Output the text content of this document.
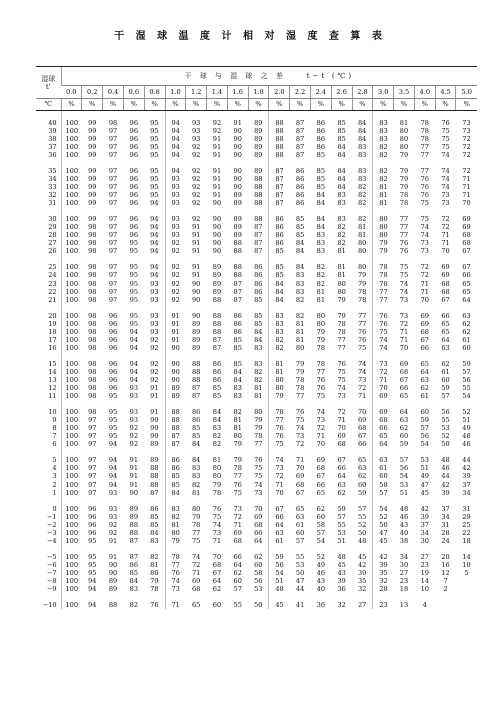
干 湿 球 温 度 计 相 对 湿 度 查 算 表
湿球
t'	干 球 与 湿 球 之 差 t−t′(℃)																			
	0.0	0.2	0.4	0.6	0.8	1.0	1.2	1.4	1.6	1.8	2.0	2.2	2.4	2.6	2.8	3.0	3.5	4.0	4.5	5.0
℃	%	%	%	%	%	%	%	%	%	%	%	%	%	%	%	%	%	%	%	%

40	100	99	98	96	95	94	93	92	91	89	88	87	86	85	84	83	81	78	76	73
39	100	99	97	96	95	94	93	92	90	89	88	87	86	85	84	83	80	78	75	73
38	100	99	97	96	95	94	93	91	90	89	88	87	86	85	84	83	80	78	75	72
37	100	99	97	96	95	94	92	91	90	89	88	87	86	84	83	82	80	77	75	72
36	100	99	97	96	95	94	92	91	90	89	88	87	85	84	83	82	79	77	74	72

35	100	99	97	96	95	94	92	91	90	89	87	86	85	84	83	82	79	77	74	72
34	100	99	97	96	95	93	92	91	90	88	87	86	85	84	83	82	79	76	74	71
33	100	99	97	96	95	93	92	91	90	88	87	86	85	84	82	81	79	76	74	71
32	100	99	97	96	95	93	92	91	89	88	87	86	84	83	82	81	78	76	73	71
31	100	99	97	96	94	93	92	90	89	88	87	86	84	83	82	81	78	75	73	70

30	100	99	97	96	94	93	92	90	89	88	86	85	84	83	82	80	77	75	72	69
29	100	98	97	96	94	93	91	90	89	87	86	85	84	82	81	80	77	74	72	69
28	100	98	97	96	94	93	91	90	89	87	86	85	83	82	81	80	77	74	71	68
27	100	98	97	95	94	92	91	90	88	87	86	84	83	82	80	79	76	73	71	68
26	100	98	97	95	94	92	91	90	88	87	85	84	83	81	80	79	76	73	70	67

25	100	98	97	95	94	92	91	89	88	86	85	84	82	81	80	78	75	72	69	67
24	100	98	97	95	94	92	91	89	88	86	85	83	82	81	79	78	75	72	69	66
23	100	98	97	95	93	92	90	89	87	86	84	83	82	80	79	78	74	71	68	65
22	100	98	97	95	93	92	90	89	87	86	84	83	81	80	78	77	74	71	68	65
21	100	98	97	95	93	92	90	88	87	85	84	82	81	79	78	77	73	70	67	64

20	100	98	96	95	93	91	90	88	86	85	83	82	80	79	77	76	73	69	66	63
19	100	98	96	95	93	91	89	88	86	85	83	81	80	78	77	76	72	69	65	62
18	100	98	96	94	93	91	89	88	86	84	83	81	79	78	76	75	71	68	65	62
17	100	98	96	94	92	91	89	87	85	84	82	81	79	77	76	74	71	67	64	61
16	100	98	96	94	92	90	89	87	85	83	82	80	78	77	75	74	70	66	63	60

15	100	98	96	94	92	90	88	86	85	83	81	79	78	76	74	73	69	65	62	59
14	100	98	96	94	92	90	88	86	84	82	81	79	77	75	74	72	68	64	61	57
13	100	98	96	94	92	90	88	86	84	82	80	78	76	75	73	71	67	63	60	56
12	100	98	96	93	91	89	87	85	83	81	80	78	76	74	72	70	66	62	59	55
11	100	98	95	93	91	89	87	85	83	81	79	77	75	73	71	69	65	61	57	54

10	100	98	95	93	91	88	86	84	82	80	78	76	74	72	70	69	64	60	56	52
9	100	97	95	93	90	88	86	84	81	79	77	75	73	71	69	68	63	59	55	51
8	100	97	95	92	90	88	85	83	81	79	76	74	72	70	68	66	62	57	53	49
7	100	97	95	92	90	87	85	82	80	78	76	73	71	69	67	65	60	56	52	48
6	100	97	94	92	89	87	84	82	79	77	75	72	70	68	66	64	59	54	50	46

5	100	97	94	91	89	86	84	81	79	76	74	71	69	67	65	63	57	53	48	44
4	100	97	94	91	88	86	83	80	78	75	73	70	68	66	63	61	56	51	46	42
3	100	97	94	91	88	85	83	80	77	75	72	69	67	64	62	60	54	49	44	39
2	100	97	94	91	88	85	82	79	76	74	71	68	66	63	60	58	53	47	42	37
1	100	97	93	90	87	84	81	78	75	73	70	67	65	62	59	57	51	45	39	34

0	100	96	93	89	86	83	80	76	73	70	67	65	62	59	57	54	48	42	37	31
−1	100	96	93	89	85	82	79	75	72	69	66	63	60	57	55	52	46	39	34	29
−2	100	96	92	88	85	81	78	74	71	68	64	61	58	55	52	50	43	37	31	25
−3	100	96	92	88	84	80	77	73	69	66	63	60	57	53	50	47	40	34	28	22
−4	100	95	91	87	83	79	75	71	68	64	61	57	54	51	48	45	38	30	24	18

−5	100	95	91	87	82	78	74	70	66	62	59	55	52	48	45	42	34	27	20	14
−6	100	95	90	86	81	77	72	68	64	60	56	53	49	45	42	39	30	23	16	10
−7	100	95	90	85	80	76	71	67	62	58	54	50	46	43	39	35	27	19	12	5
−8	100	94	89	84	79	74	69	64	60	56	51	47	43	39	35	32	23	14	7	
−9	100	94	89	83	78	73	68	62	57	53	48	44	40	36	32	28	18	10	2	

−10	100	94	88	82	76	71	65	60	55	50	45	41	36	32	27	23	13	4		
